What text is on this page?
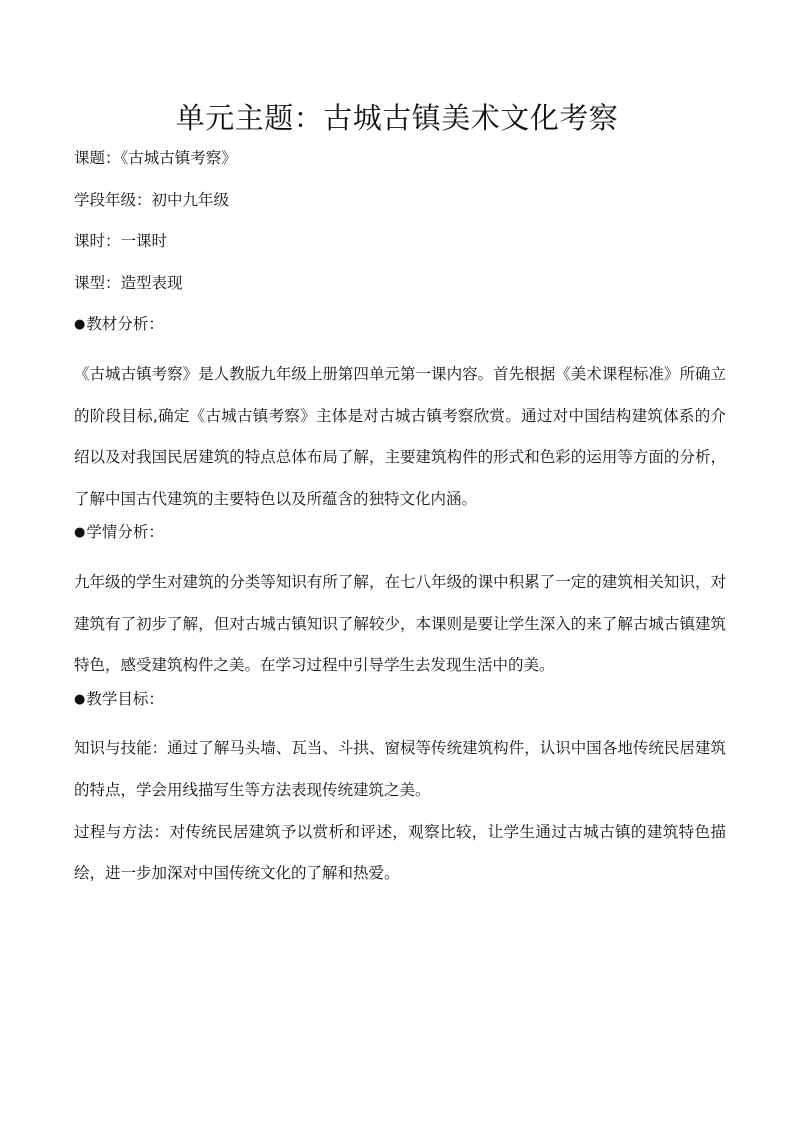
单元主题：古城古镇美术文化考察

课题：《古城古镇考察》

学段年级：初中九年级

课时：一课时

课型：造型表现

●教材分析：

《古城古镇考察》是人教版九年级上册第四单元第一课内容。首先根据《美术课程标准》所确立的阶段目标,确定《古城古镇考察》主体是对古城古镇考察欣赏。通过对中国结构建筑体系的介绍以及对我国民居建筑的特点总体布局了解，主要建筑构件的形式和色彩的运用等方面的分析，了解中国古代建筑的主要特色以及所蕴含的独特文化内涵。

●学情分析：

九年级的学生对建筑的分类等知识有所了解，在七八年级的课中积累了一定的建筑相关知识，对建筑有了初步了解，但对古城古镇知识了解较少，本课则是要让学生深入的来了解古城古镇建筑特色，感受建筑构件之美。在学习过程中引导学生去发现生活中的美。

●教学目标：

知识与技能：通过了解马头墙、瓦当、斗拱、窗棂等传统建筑构件，认识中国各地传统民居建筑的特点，学会用线描写生等方法表现传统建筑之美。

过程与方法：对传统民居建筑予以赏析和评述，观察比较，让学生通过古城古镇的建筑特色描绘，进一步加深对中国传统文化的了解和热爱。
